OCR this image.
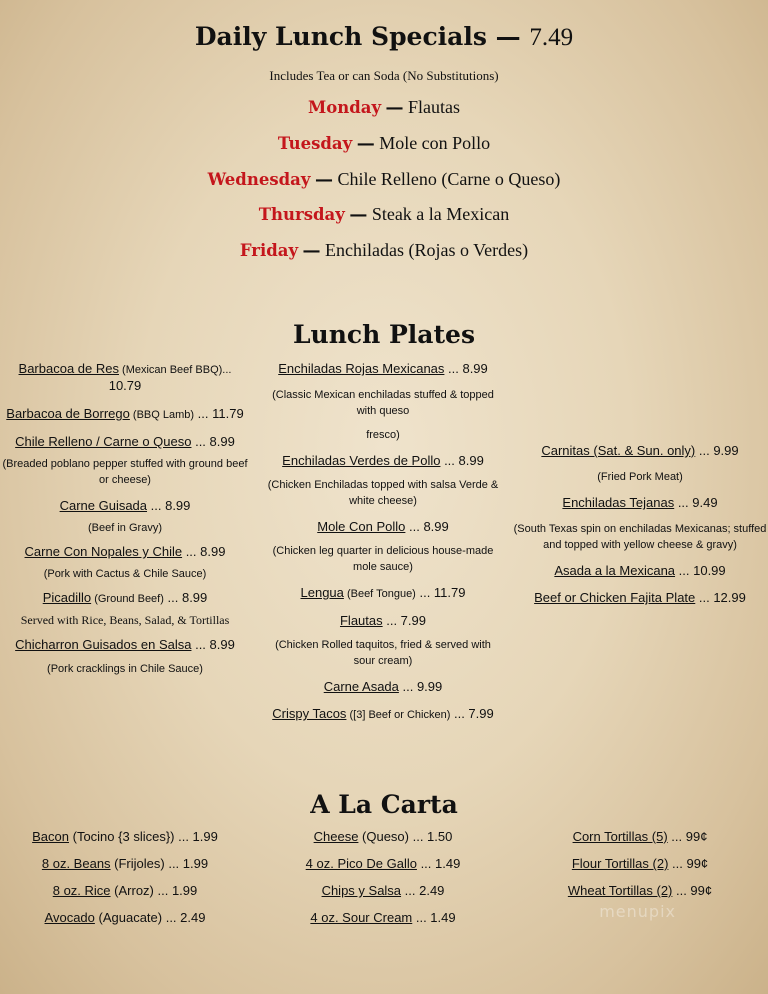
Daily Lunch Specials — 7.49
Includes Tea or can Soda (No Substitutions)
Monday — Flautas
Tuesday — Mole con Pollo
Wednesday — Chile Relleno (Carne o Queso)
Thursday — Steak a la Mexican
Friday — Enchiladas (Rojas o Verdes)
Lunch Plates
Barbacoa de Res (Mexican Beef BBQ)...
10.79
Barbacoa de Borrego (BBQ Lamb) ... 11.79
Chile Relleno / Carne o Queso ... 8.99
(Breaded poblano pepper stuffed with ground beef or cheese)
Carne Guisada ... 8.99
(Beef in Gravy)
Carne Con Nopales y Chile ... 8.99
(Pork with Cactus & Chile Sauce)
Picadillo (Ground Beef) ... 8.99
Served with Rice, Beans, Salad, & Tortillas
Chicharron Guisados en Salsa ... 8.99
(Pork cracklings in Chile Sauce)
Enchiladas Rojas Mexicanas ... 8.99
(Classic Mexican enchiladas stuffed & topped with queso
fresco)
Enchiladas Verdes de Pollo ... 8.99
(Chicken Enchiladas topped with salsa Verde & white cheese)
Mole Con Pollo ... 8.99
(Chicken leg quarter in delicious house-made mole sauce)
Lengua (Beef Tongue) ... 11.79
Flautas ... 7.99
(Chicken Rolled taquitos, fried & served with sour cream)
Carne Asada ... 9.99
Crispy Tacos ([3] Beef or Chicken) ... 7.99
Carnitas (Sat. & Sun. only) ... 9.99
(Fried Pork Meat)
Enchiladas Tejanas ... 9.49
(South Texas spin on enchiladas Mexicanas; stuffed and topped with yellow cheese & gravy)
Asada a la Mexicana ... 10.99
Beef or Chicken Fajita Plate ... 12.99
A La Carta
Bacon (Tocino {3 slices}) ... 1.99
8 oz. Beans (Frijoles) ... 1.99
8 oz. Rice (Arroz) ... 1.99
Avocado (Aguacate) ... 2.49
Cheese (Queso) ... 1.50
4 oz. Pico De Gallo ... 1.49
Chips y Salsa ... 2.49
4 oz. Sour Cream ... 1.49
Corn Tortillas (5) ... 99¢
Flour Tortillas (2) ... 99¢
Wheat Tortillas (2) ... 99¢
menupix
